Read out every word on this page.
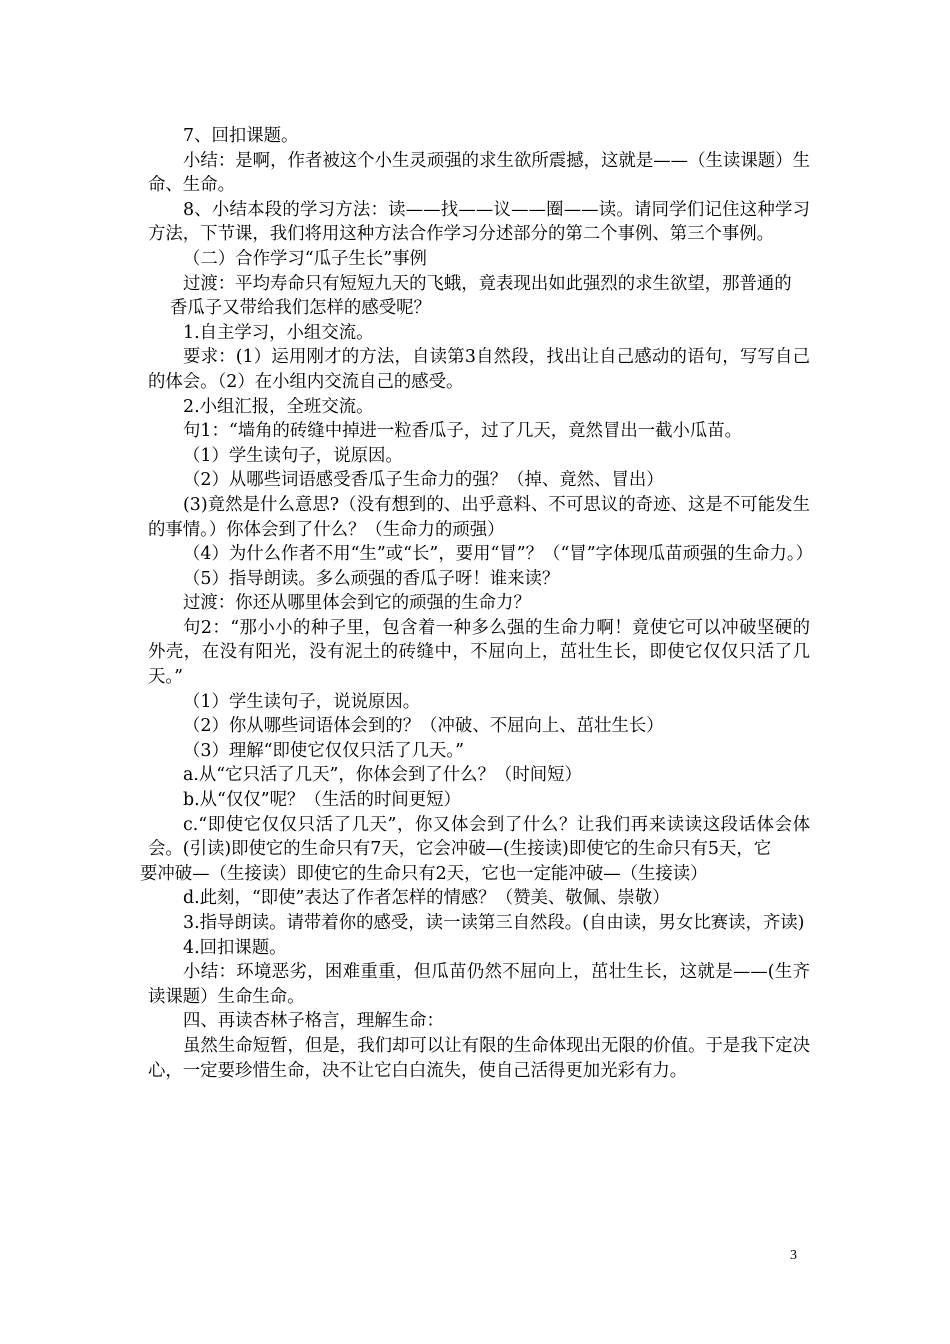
7、回扣课题。

小结：是啊，作者被这个小生灵顽强的求生欲所震撼，这就是——（生读课题）生命、生命。

8、小结本段的学习方法：读——找——议——圈——读。请同学们记住这种学习方法，下节课，我们将用这种方法合作学习分述部分的第二个事例、第三个事例。

（二）合作学习“瓜子生长”事例

过渡：平均寿命只有短短九天的飞蛾，竟表现出如此强烈的求生欲望，那普通的

香瓜子又带给我们怎样的感受呢？

1.自主学习，小组交流。

要求：(1）运用刚才的方法，自读第3自然段，找出让自己感动的语句，写写自己的体会。（2）在小组内交流自己的感受。

2.小组汇报，全班交流。

句1：“墙角的砖缝中掉进一粒香瓜子，过了几天，竟然冒出一截小瓜苗。

（1）学生读句子，说原因。

（2）从哪些词语感受香瓜子生命力的强？（掉、竟然、冒出）

(3)竟然是什么意思?（没有想到的、出乎意料、不可思议的奇迹、这是不可能发生的事情。）你体会到了什么？（生命力的顽强）

（4）为什么作者不用“生”或“长”，要用“冒”？（“冒”字体现瓜苗顽强的生命力。）

（5）指导朗读。多么顽强的香瓜子呀！谁来读？

过渡：你还从哪里体会到它的顽强的生命力？

句2：“那小小的种子里，包含着一种多么强的生命力啊！竟使它可以冲破坚硬的外壳，在没有阳光，没有泥土的砖缝中，不屈向上，茁壮生长，即使它仅仅只活了几天。”

（1）学生读句子，说说原因。

（2）你从哪些词语体会到的？（冲破、不屈向上、茁壮生长）

（3）理解“即使它仅仅只活了几天。”

a.从“它只活了几天”，你体会到了什么？（时间短）

b.从“仅仅”呢？（生活的时间更短）

c.“即使它仅仅只活了几天”，你又体会到了什么？让我们再来读读这段话体会体会。(引读)即使它的生命只有7天，它会冲破—(生接读)即使它的生命只有5天，它

要冲破—（生接读）即使它的生命只有2天，它也一定能冲破—（生接读）

d.此刻，“即使”表达了作者怎样的情感？（赞美、敬佩、崇敬）

3.指导朗读。请带着你的感受，读一读第三自然段。(自由读，男女比赛读，齐读)

4.回扣课题。

小结：环境恶劣，困难重重，但瓜苗仍然不屈向上，茁壮生长，这就是——(生齐读课题）生命生命。

四、再读杏林子格言，理解生命：

虽然生命短暂，但是，我们却可以让有限的生命体现出无限的价值。于是我下定决心，一定要珍惜生命，决不让它白白流失，使自己活得更加光彩有力。

3
